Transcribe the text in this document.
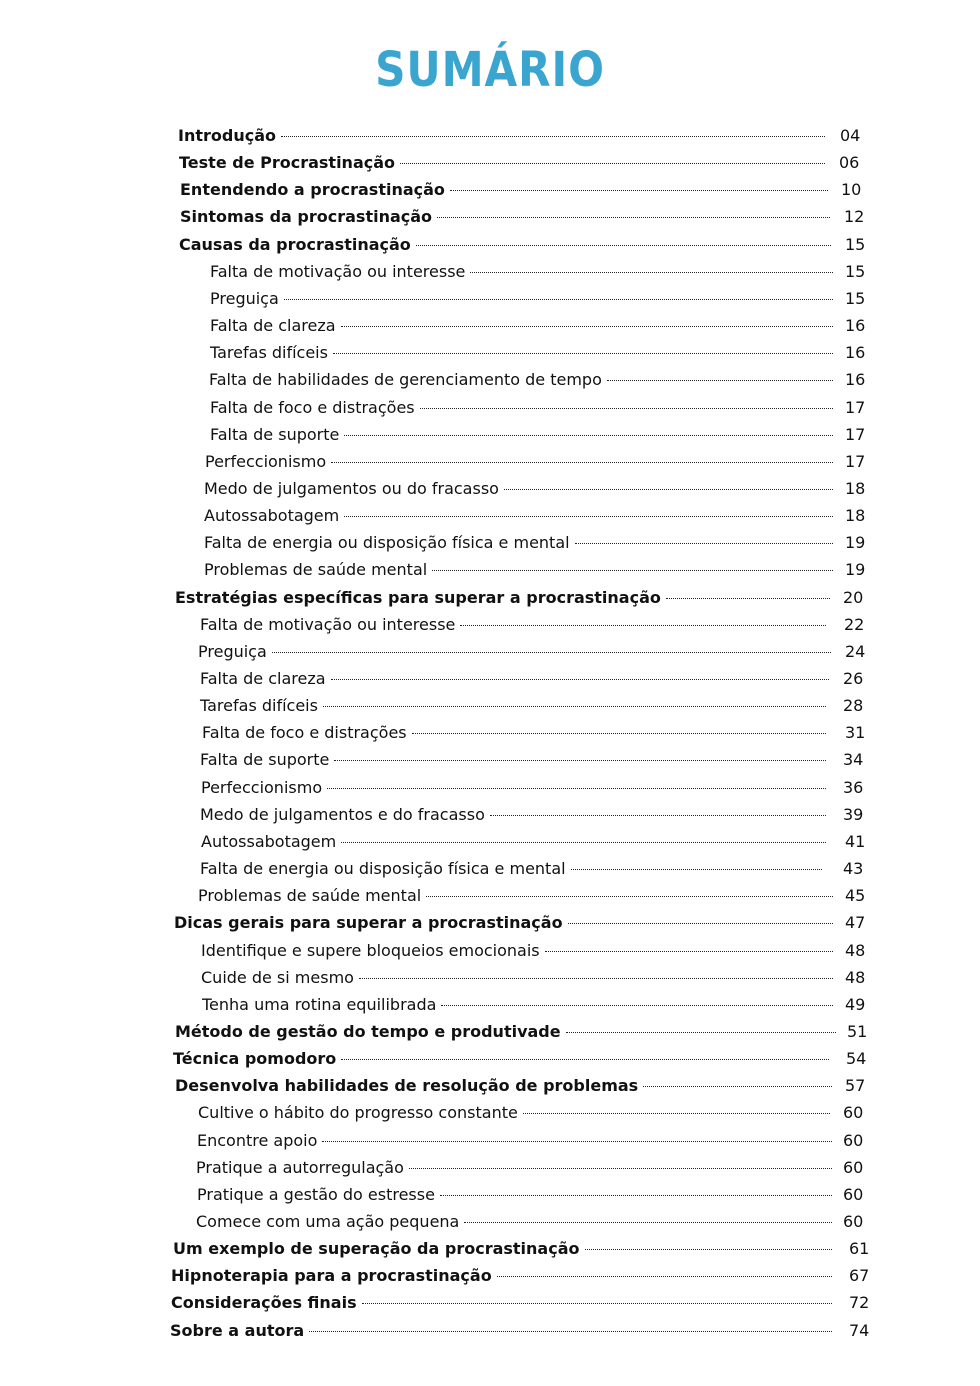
SUMÁRIO
Introdução	04
Teste de Procrastinação	06
Entendendo a procrastinação	10
Sintomas da procrastinação	12
Causas da procrastinação	15
Falta de motivação ou interesse	15
Preguiça	15
Falta de clareza	16
Tarefas difíceis	16
Falta de habilidades de gerenciamento de tempo	16
Falta de foco e distrações	17
Falta de suporte	17
Perfeccionismo	17
Medo de julgamentos ou do fracasso	18
Autossabotagem	18
Falta de energia ou disposição física e mental	19
Problemas de saúde mental	19
Estratégias específicas para superar a procrastinação	20
Falta de motivação ou interesse	22
Preguiça	24
Falta de clareza	26
Tarefas difíceis	28
Falta de foco e distrações	31
Falta de suporte	34
Perfeccionismo	36
Medo de julgamentos e do fracasso	39
Autossabotagem	41
Falta de energia ou disposição física e mental	43
Problemas de saúde mental	45
Dicas gerais para superar a procrastinação	47
Identifique e supere bloqueios emocionais	48
Cuide de si mesmo	48
Tenha uma rotina equilibrada	49
Método de gestão do tempo e produtivade	51
Técnica pomodoro	54
Desenvolva habilidades de resolução de problemas	57
Cultive o hábito do progresso constante	60
Encontre apoio	60
Pratique a autorregulação	60
Pratique a gestão do estresse	60
Comece com uma ação pequena	60
Um exemplo de superação da procrastinação	61
Hipnoterapia para a procrastinação	67
Considerações finais	72
Sobre a autora	74
